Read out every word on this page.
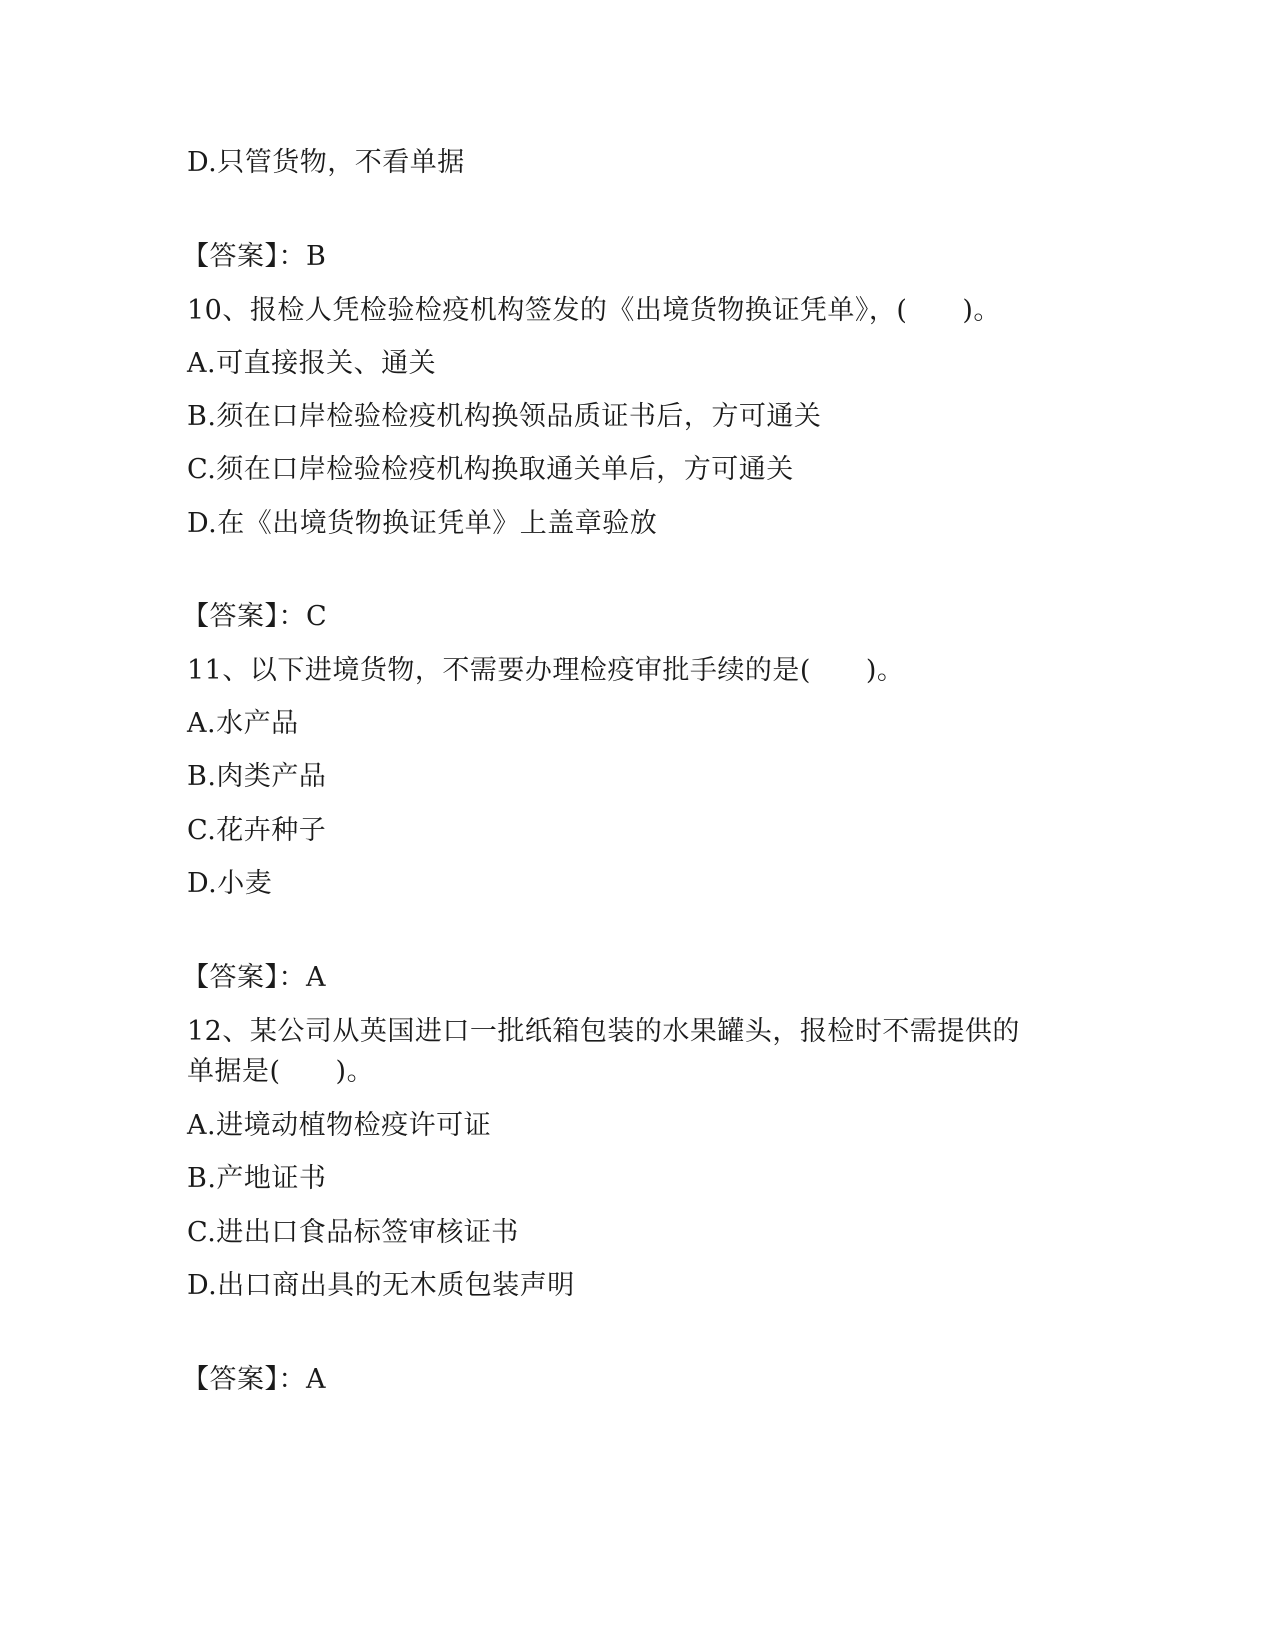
D.只管货物，不看单据
【答案】：B
10、报检人凭检验检疫机构签发的《出境货物换证凭单》，(　　)。
A.可直接报关、通关
B.须在口岸检验检疫机构换领品质证书后，方可通关
C.须在口岸检验检疫机构换取通关单后，方可通关
D.在《出境货物换证凭单》上盖章验放
【答案】：C
11、以下进境货物，不需要办理检疫审批手续的是(　　)。
A.水产品
B.肉类产品
C.花卉种子
D.小麦
【答案】：A
12、某公司从英国进口一批纸箱包装的水果罐头，报检时不需提供的
单据是(　　)。
A.进境动植物检疫许可证
B.产地证书
C.进出口食品标签审核证书
D.出口商出具的无木质包装声明
【答案】：A
